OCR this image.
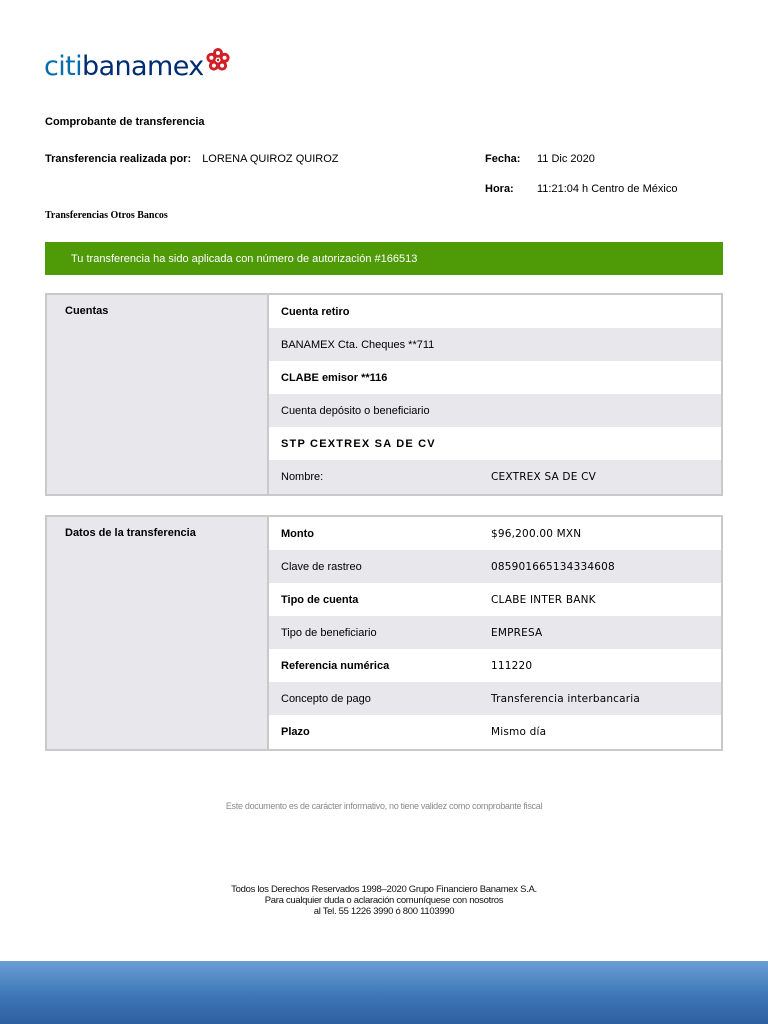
citi banamex
Comprobante de transferencia
Transferencia realizada por: LORENA QUIROZ QUIROZ	Fecha: 11 Dic 2020
Hora: 11:21:04 h Centro de México
Transferencias Otros Bancos
Tu transferencia ha sido aplicada con número de autorización #166513
Cuentas	Cuenta retiro
BANAMEX Cta. Cheques **711
CLABE emisor **116
Cuenta depósito o beneficiario
STP CEXTREX SA DE CV
Nombre:	CEXTREX SA DE CV
Datos de la transferencia	Monto	$96,200.00 MXN
Clave de rastreo	085901665134334608
Tipo de cuenta	CLABE INTER BANK
Tipo de beneficiario	EMPRESA
Referencia numérica	111220
Concepto de pago	Transferencia interbancaria
Plazo	Mismo día
Este documento es de carácter informativo, no tiene validez como comprobante fiscal
Todos los Derechos Reservados 1998–2020 Grupo Financiero Banamex S.A.
Para cualquier duda o aclaración comuníquese con nosotros
al Tel. 55 1226 3990 ó 800 1103990
